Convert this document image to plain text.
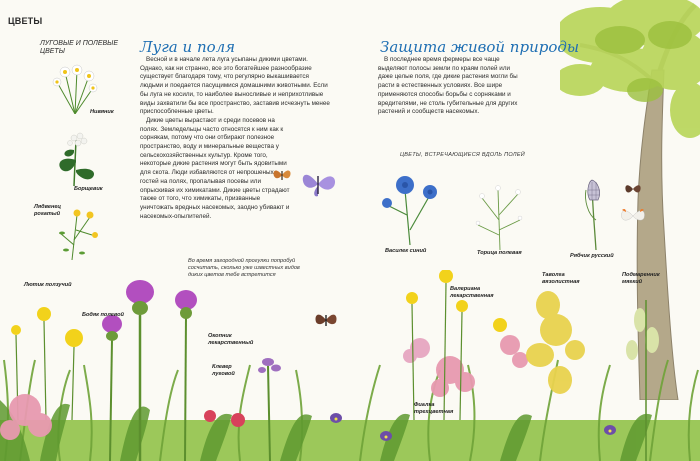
ЦВЕТЫ
ЛУГОВЫЕ И ПОЛЕВЫЕ ЦВЕТЫ
Нивяник
Борщевик
Лядвенец рогатый
Луга и поля

Весной и в начале лета луга усыпаны дикими цветами. Однако, как ни странно, все это богатейшее разнообразие существует благодаря тому, что регулярно выкашивается людьми и поедается пасущимися домашними животными. Если бы луга не косили, то наиболее выносливые и неприхотливые виды захватили бы все пространство, заставив исчезнуть менее приспособленные цветы.

Дикие цветы вырастают и среди посевов на полях. Земледельцы часто относятся к ним как к сорнякам, потому что они отбирают полезное пространство, воду и минеральные вещества у сельскохозяйственных культур. Кроме того, некоторые дикие растения могут быть ядовитыми для скота. Люди избавляются от непрошеных гостей на полях, пропалывая посевы или опрыскивая их химикатами. Дикие цветы страдают также от того, что химикаты, призванные уничтожать вредных насекомых, заодно убивают и насекомых-опылителей.

Защита живой природы

В последнее время фермеры все чаще выделяют полосы земли по краям полей или даже целые поля, где дикие растения могли бы расти в естественных условиях. Все шире применяются способы борьбы с сорняками и вредителями, не столь губительные для других растений и сообществ насекомых.

ЦВЕТЫ, ВСТРЕЧАЮЩИЕСЯ ВДОЛЬ ПОЛЕЙ
Василек синий	Торица полевая	Рябчик русский
Во время загородной прогулки попробуй сосчитать, сколько уже известных видов диких цветов тебе встретится
Лютик ползучий
Бодяк полевой
Окопник лекарственный
Клевер луговой
Валериана лекарственная
Таволга вязолистная
Подмаренник мягкий
Фиалка трехцветная
